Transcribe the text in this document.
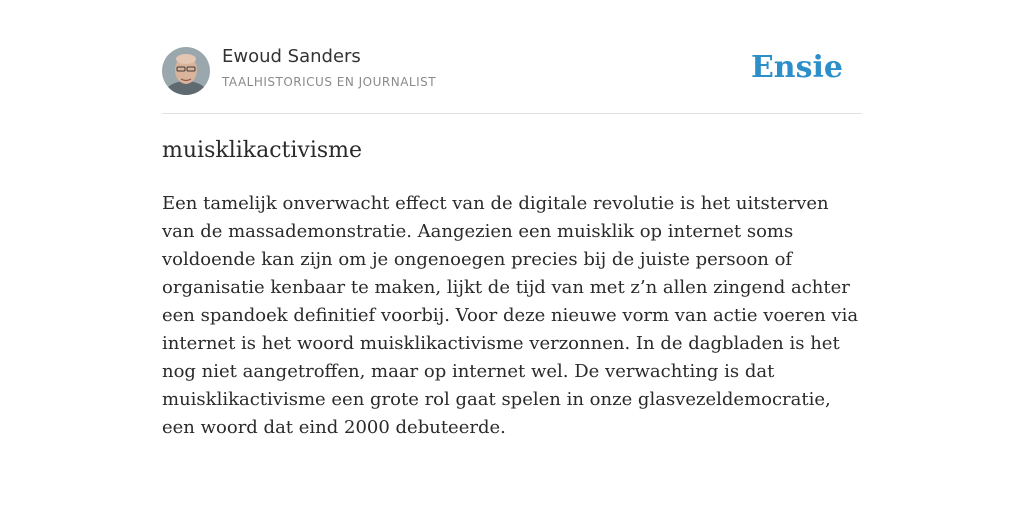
Ewoud Sanders
TAALHISTORICUS EN JOURNALIST	Ensie
muisklikactivisme

Een tamelijk onverwacht effect van de digitale revolutie is het uitsterven van de massademonstratie. Aangezien een muisklik op internet soms voldoende kan zijn om je ongenoegen precies bij de juiste persoon of organisatie kenbaar te maken, lijkt de tijd van met z’n allen zingend achter een spandoek definitief voorbij. Voor deze nieuwe vorm van actie voeren via internet is het woord muisklikactivisme verzonnen. In de dagbladen is het nog niet aangetroffen, maar op internet wel. De verwachting is dat muisklikactivisme een grote rol gaat spelen in onze glasvezeldemocratie, een woord dat eind 2000 debuteerde.
